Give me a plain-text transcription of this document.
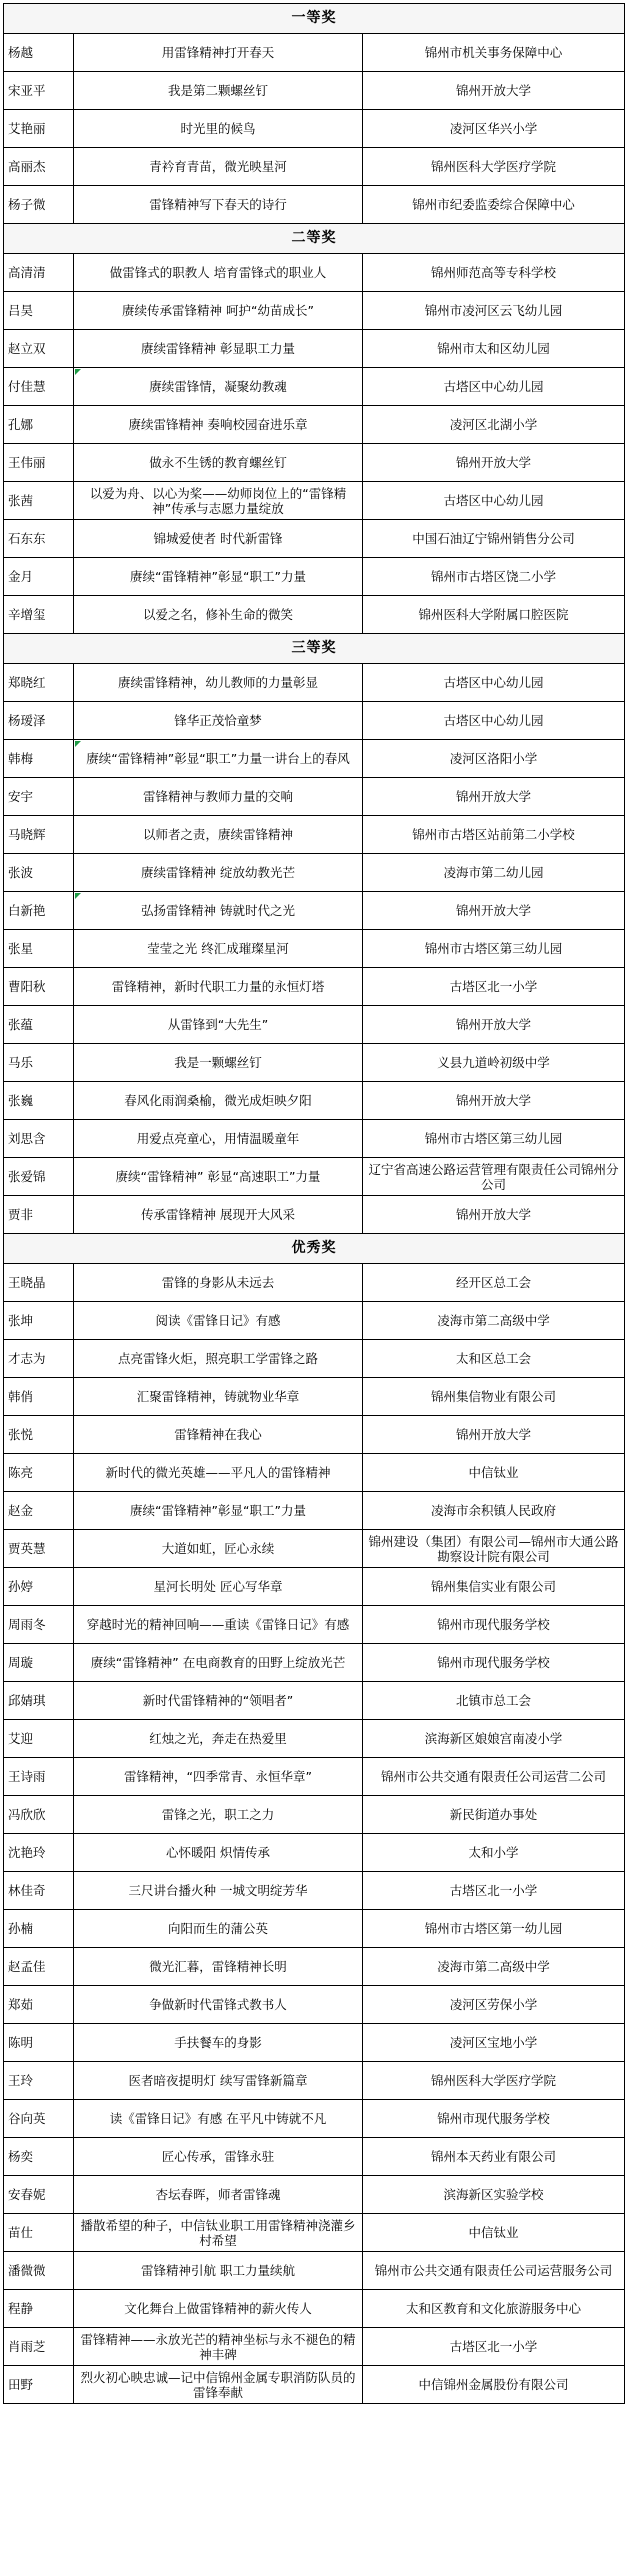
一等奖		
杨越	用雷锋精神打开春天	锦州市机关事务保障中心
宋亚平	我是第二颗螺丝钉	锦州开放大学
艾艳丽	时光里的候鸟	凌河区华兴小学
高丽杰	青衿育青苗，微光映星河	锦州医科大学医疗学院
杨子微	雷锋精神写下春天的诗行	锦州市纪委监委综合保障中心
二等奖		
高清清	做雷锋式的职教人 培育雷锋式的职业人	锦州师范高等专科学校
吕昊	赓续传承雷锋精神 呵护“幼苗成长”	锦州市凌河区云飞幼儿园
赵立双	赓续雷锋精神 彰显职工力量	锦州市太和区幼儿园
付佳慧	赓续雷锋情，凝聚幼教魂	古塔区中心幼儿园
孔娜	赓续雷锋精神 奏响校园奋进乐章	凌河区北湖小学
王伟丽	做永不生锈的教育螺丝钉	锦州开放大学
张茜	以爱为舟、以心为桨——幼师岗位上的“雷锋精神”传承与志愿力量绽放	古塔区中心幼儿园
石东东	锦城爱使者 时代新雷锋	中国石油辽宁锦州销售分公司
金月	赓续“雷锋精神”彰显“职工”力量	锦州市古塔区饶二小学
辛增玺	以爱之名，修补生命的微笑	锦州医科大学附属口腔医院
三等奖		
郑晓红	赓续雷锋精神，幼儿教师的力量彰显	古塔区中心幼儿园
杨瑷泽	锋华正茂恰童梦	古塔区中心幼儿园
韩梅	赓续“雷锋精神”彰显“职工”力量一讲台上的春风	凌河区洛阳小学
安宇	雷锋精神与教师力量的交响	锦州开放大学
马晓辉	以师者之责，赓续雷锋精神	锦州市古塔区站前第二小学校
张波	赓续雷锋精神 绽放幼教光芒	凌海市第二幼儿园
白新艳	弘扬雷锋精神 铸就时代之光	锦州开放大学
张星	莹莹之光 终汇成璀璨星河	锦州市古塔区第三幼儿园
曹阳秋	雷锋精神，新时代职工力量的永恒灯塔	古塔区北一小学
张蕴	从雷锋到“大先生”	锦州开放大学
马乐	我是一颗螺丝钉	义县九道岭初级中学
张巍	春风化雨润桑榆，微光成炬映夕阳	锦州开放大学
刘思含	用爱点亮童心，用情温暖童年	锦州市古塔区第三幼儿园
张爱锦	赓续“雷锋精神” 彰显“高速职工”力量	辽宁省高速公路运营管理有限责任公司锦州分公司
贾非	传承雷锋精神 展现开大风采	锦州开放大学
优秀奖		
王晓晶	雷锋的身影从未远去	经开区总工会
张坤	阅读《雷锋日记》有感	凌海市第二高级中学
才志为	点亮雷锋火炬，照亮职工学雷锋之路	太和区总工会
韩俏	汇聚雷锋精神，铸就物业华章	锦州集信物业有限公司
张悦	雷锋精神在我心	锦州开放大学
陈亮	新时代的微光英雄——平凡人的雷锋精神	中信钛业
赵金	赓续“雷锋精神”彰显“职工”力量	凌海市余积镇人民政府
贾英慧	大道如虹，匠心永续	锦州建设（集团）有限公司—锦州市大通公路勘察设计院有限公司
孙婷	星河长明处 匠心写华章	锦州集信实业有限公司
周雨冬	穿越时光的精神回响——重读《雷锋日记》有感	锦州市现代服务学校
周璇	赓续“雷锋精神” 在电商教育的田野上绽放光芒	锦州市现代服务学校
邱婧琪	新时代雷锋精神的“领唱者”	北镇市总工会
艾迎	红烛之光，奔走在热爱里	滨海新区娘娘宫南凌小学
王诗雨	雷锋精神，“四季常青、永恒华章”	锦州市公共交通有限责任公司运营二公司
冯欣欣	雷锋之光，职工之力	新民街道办事处
沈艳玲	心怀暖阳 炽情传承	太和小学
林佳奇	三尺讲台播火种 一城文明绽芳华	古塔区北一小学
孙楠	向阳而生的蒲公英	锦州市古塔区第一幼儿园
赵孟佳	微光汇暮，雷锋精神长明	凌海市第二高级中学
郑茹	争做新时代雷锋式教书人	凌河区劳保小学
陈明	手扶餐车的身影	凌河区宝地小学
王玲	医者暗夜提明灯 续写雷锋新篇章	锦州医科大学医疗学院
谷向英	读《雷锋日记》有感 在平凡中铸就不凡	锦州市现代服务学校
杨奕	匠心传承，雷锋永驻	锦州本天药业有限公司
安春妮	杏坛春晖，师者雷锋魂	滨海新区实验学校
苗仕	播散希望的种子，中信钛业职工用雷锋精神浇灌乡村希望	中信钛业
潘微微	雷锋精神引航 职工力量续航	锦州市公共交通有限责任公司运营服务公司
程静	文化舞台上做雷锋精神的薪火传人	太和区教育和文化旅游服务中心
肖雨芝	雷锋精神——永放光芒的精神坐标与永不褪色的精神丰碑	古塔区北一小学
田野	烈火初心映忠诚—记中信锦州金属专职消防队员的雷锋奉献	中信锦州金属股份有限公司
